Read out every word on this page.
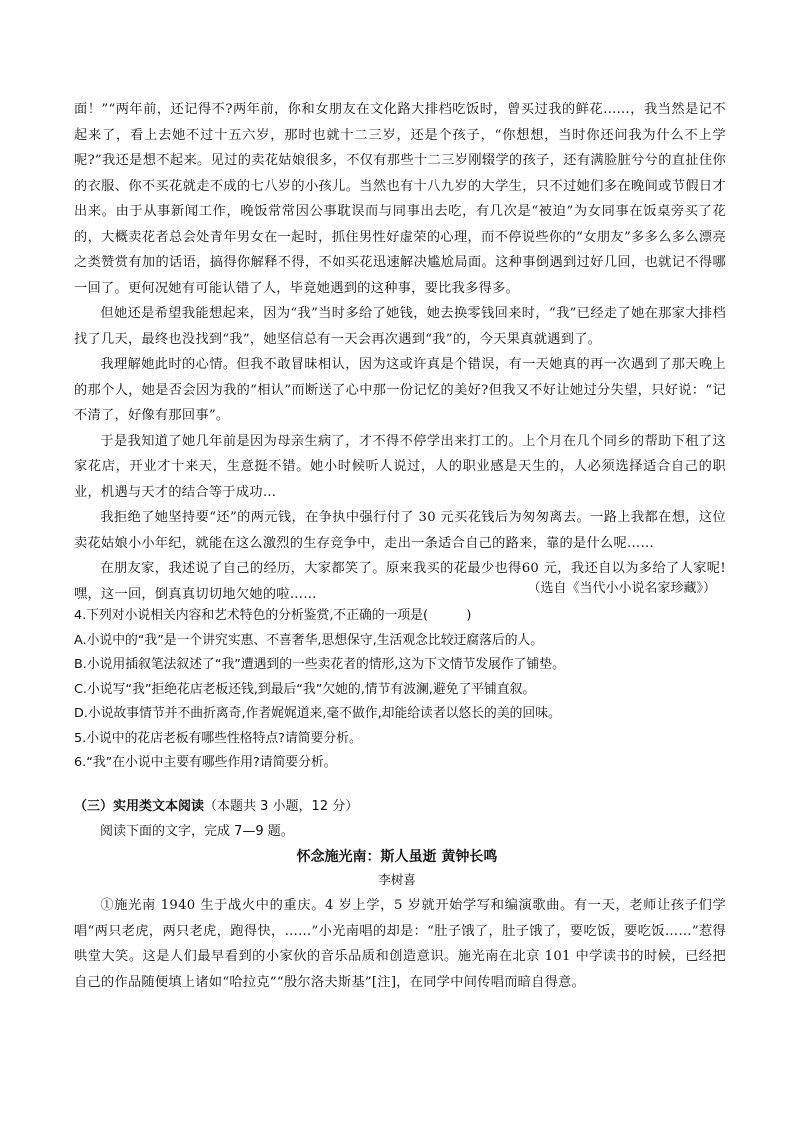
面！”“两年前，还记得不?两年前，你和女朋友在文化路大排档吃饭时，曾买过我的鲜花……，我当然是记不起来了，看上去她不过十五六岁，那时也就十二三岁，还是个孩子，“你想想，当时你还问我为什么不上学呢?”我还是想不起来。见过的卖花姑娘很多，不仅有那些十二三岁刚辍学的孩子，还有满脸脏兮兮的直扯住你的衣服、你不买花就走不成的七八岁的小孩儿。当然也有十八九岁的大学生，只不过她们多在晚间或节假日才出来。由于从事新闻工作，晚饭常常因公事耽误而与同事出去吃，有几次是“被迫”为女同事在饭桌旁买了花的，大概卖花者总会处青年男女在一起时，抓住男性好虚荣的心理，而不停说些你的“女朋友”多多么多么漂亮之类赞赏有加的话语，搞得你解释不得，不如买花迅速解决尴尬局面。这种事倒遇到过好几回，也就记不得哪一回了。更何况她有可能认错了人，毕竟她遇到的这种事，要比我多得多。

但她还是希望我能想起来，因为“我”当时多给了她钱，她去换零钱回来时，“我”已经走了她在那家大排档找了几天，最终也没找到“我”，她坚信总有一天会再次遇到“我”的，今天果真就遇到了。

我理解她此时的心情。但我不敢冒昧相认，因为这或许真是个错误，有一天她真的再一次遇到了那天晚上的那个人，她是否会因为我的“相认”而断送了心中那一份记忆的美好?但我又不好让她过分失望，只好说：“记不清了，好像有那回事”。

于是我知道了她几年前是因为母亲生病了，才不得不停学出来打工的。上个月在几个同乡的帮助下租了这家花店，开业才十来天，生意挺不错。她小时候听人说过，人的职业感是天生的，人必须选择适合自己的职业，机遇与天才的结合等于成功…

我拒绝了她坚持要“还”的两元钱，在争执中强行付了 30 元买花钱后为匆匆离去。一路上我都在想，这位卖花姑娘小小年纪，就能在这么激烈的生存竞争中，走出一条适合自己的路来，靠的是什么呢……

在朋友家，我述说了自己的经历，大家都笑了。原来我买的花最少也得60 元，我还自以为多给了人家呢!嘿，这一回，倒真真切切地欠她的啦……	（选自《当代小小说名家珍藏》）
4.下列对小说相关内容和艺术特色的分析鉴赏,不正确的一项是(　　　)
A.小说中的“我”是一个讲究实惠、不喜奢华,思想保守,生活观念比较迂腐落后的人。
B.小说用插叙笔法叙述了“我”遭遇到的一些卖花者的情形,这为下文情节发展作了铺垫。
C.小说写“我”拒绝花店老板还钱,到最后“我”欠她的,情节有波澜,避免了平铺直叙。
D.小说故事情节并不曲折离奇,作者娓娓道来,毫不做作,却能给读者以悠长的美的回味。
5.小说中的花店老板有哪些性格特点?请简要分析。
6.“我”在小说中主要有哪些作用?请简要分析。
（三）实用类文本阅读（本题共 3 小题，12 分）
阅读下面的文字，完成 7—9 题。
怀念施光南：斯人虽逝 黄钟长鸣
李树喜

①施光南 1940 生于战火中的重庆。4 岁上学，5 岁就开始学写和编演歌曲。有一天，老师让孩子们学唱“两只老虎，两只老虎，跑得快，……”小光南唱的却是：“肚子饿了，肚子饿了，要吃饭，要吃饭……”惹得哄堂大笑。这是人们最早看到的小家伙的音乐品质和创造意识。施光南在北京 101 中学读书的时候，已经把自己的作品随便填上诸如“哈拉克”“殷尔洛夫斯基”[注]，在同学中间传唱而暗自得意。
